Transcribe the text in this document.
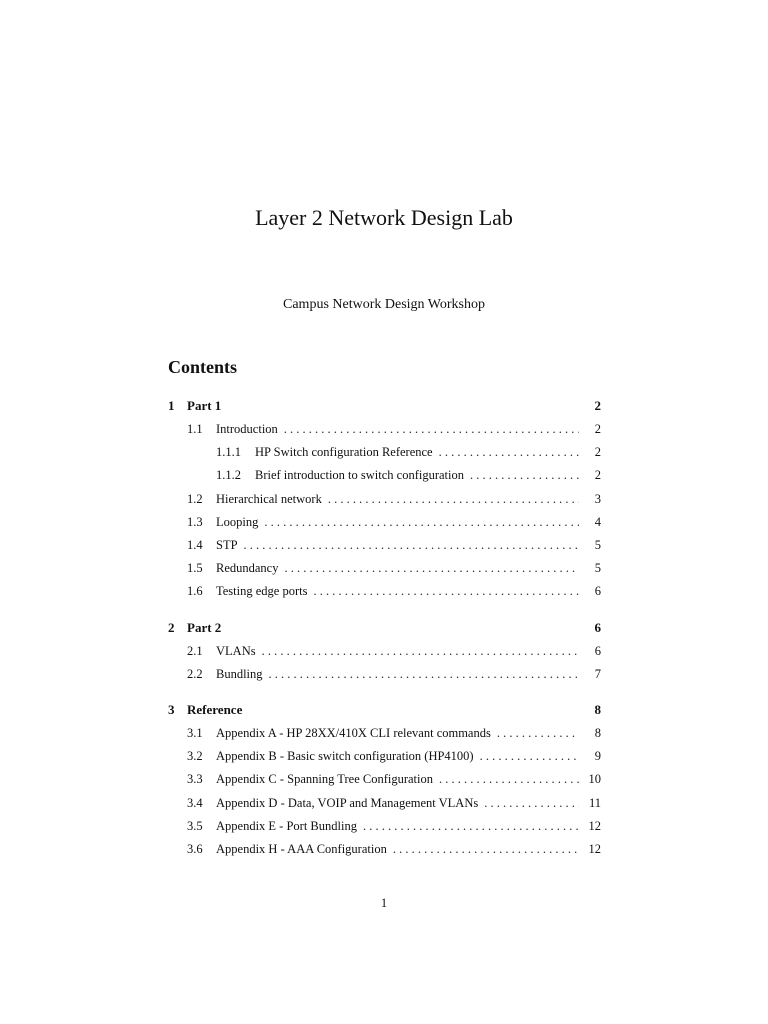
Layer 2 Network Design Lab
Campus Network Design Workshop
Contents
1 Part 1	2
1.1	Introduction . . .	2
1.1.1	HP Switch configuration Reference . . .	2
1.1.2	Brief introduction to switch configuration . . .	2
1.2	Hierarchical network . . .	3
1.3	Looping . . .	4
1.4	STP . . .	5
1.5	Redundancy . . .	5
1.6	Testing edge ports . . .	6
2 Part 2	6
2.1	VLANs . . .	6
2.2	Bundling . . .	7
3 Reference	8
3.1	Appendix A - HP 28XX/410X CLI relevant commands . . .	8
3.2	Appendix B - Basic switch configuration (HP4100) . . .	9
3.3	Appendix C - Spanning Tree Configuration . . .	10
3.4	Appendix D - Data, VOIP and Management VLANs . . .	11
3.5	Appendix E - Port Bundling . . .	12
3.6	Appendix H - AAA Configuration . . .	12
1
